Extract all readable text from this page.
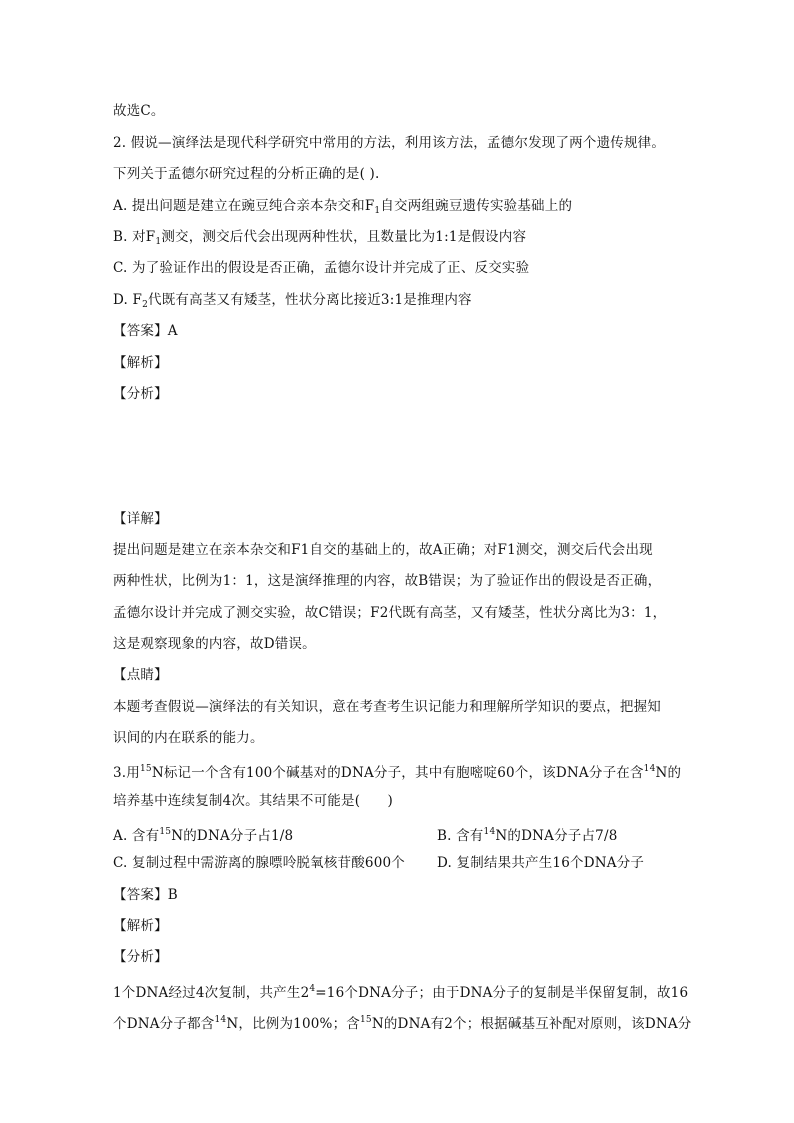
故选C。
2. 假说—演绎法是现代科学研究中常用的方法，利用该方法，孟德尔发现了两个遗传规律。
下列关于孟德尔研究过程的分析正确的是( ).
A. 提出问题是建立在豌豆纯合亲本杂交和$F_1$自交两组豌豆遗传实验基础上的
B. 对$F_1$测交，测交后代会出现两种性状，且数量比为1:1是假设内容
C. 为了验证作出的假设是否正确，孟德尔设计并完成了正、反交实验
D. $F_2$代既有高茎又有矮茎，性状分离比接近3:1是推理内容
【答案】A
【解析】
【分析】
【详解】
提出问题是建立在亲本杂交和F1自交的基础上的，故A正确；对F1测交，测交后代会出现
两种性状，比例为1：1，这是演绎推理的内容，故B错误；为了验证作出的假设是否正确，
孟德尔设计并完成了测交实验，故C错误；F2代既有高茎，又有矮茎，性状分离比为3：1，
这是观察现象的内容，故D错误。
【点睛】
本题考查假说—演绎法的有关知识，意在考查考生识记能力和理解所学知识的要点，把握知
识间的内在联系的能力。
3.用$^{15}$N标记一个含有100个碱基对的DNA分子，其中有胞嘧啶60个，该DNA分子在含$^{14}$N的
培养基中连续复制4次。其结果不可能是(　　)
A. 含有$^{15}$N的DNA分子占1/8	B. 含有$^{14}$N的DNA分子占7/8
C. 复制过程中需游离的腺嘌呤脱氧核苷酸600个 D. 复制结果共产生16个DNA分子
【答案】B
【解析】
【分析】
1个DNA经过4次复制，共产生$2^4=16$个DNA分子；由于DNA分子的复制是半保留复制，故16
个DNA分子都含$^{14}$N，比例为100%；含$^{15}$N的DNA有2个；根据碱基互补配对原则，该DNA分
